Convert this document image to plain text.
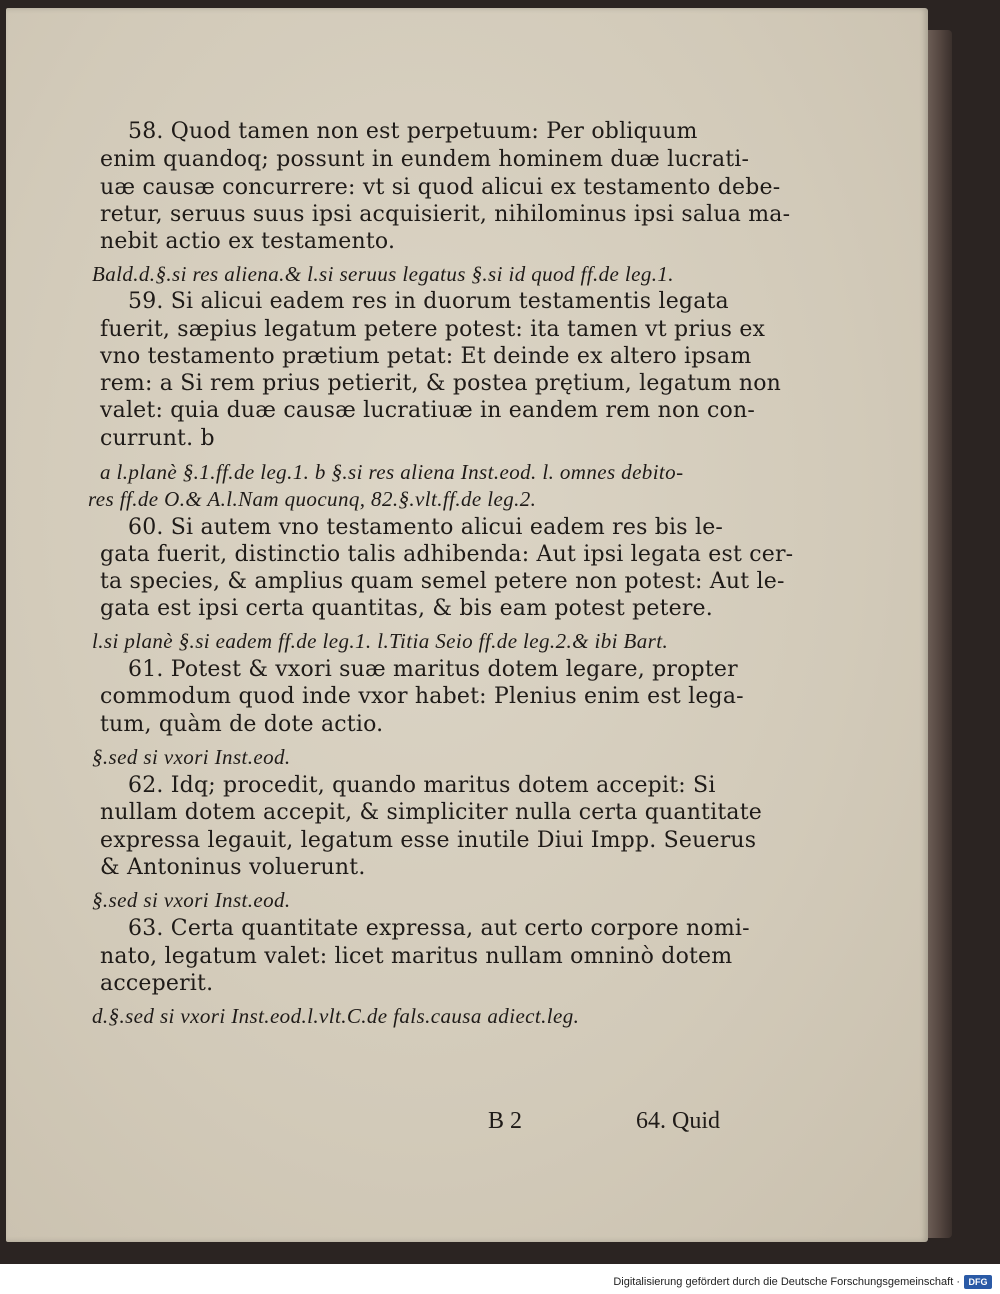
58. Quod tamen non est perpetuum: Per obliquum
enim quandoq; possunt in eundem hominem duæ lucrati-
uæ causæ concurrere: vt si quod alicui ex testamento debe-
retur, seruus suus ipsi acquisierit, nihilominus ipsi salua ma-
nebit actio ex testamento.
Bald.d.§.si res aliena.& l.si seruus legatus §.si id quod ff.de leg.1.
59. Si alicui eadem res in duorum testamentis legata
fuerit, sæpius legatum petere potest: ita tamen vt prius ex
vno testamento prætium petat: Et deinde ex altero ipsam
rem: a Si rem prius petierit, & postea prętium, legatum non
valet: quia duæ causæ lucratiuæ in eandem rem non con-
currunt. b
a l.planè §.1.ff.de leg.1. b §.si res aliena Inst.eod. l. omnes debito-
res ff.de O.& A.l.Nam quocunq, 82.§.vlt.ff.de leg.2.
60. Si autem vno testamento alicui eadem res bis le-
gata fuerit, distinctio talis adhibenda: Aut ipsi legata est cer-
ta species, & amplius quam semel petere non potest: Aut le-
gata est ipsi certa quantitas, & bis eam potest petere.
l.si planè §.si eadem ff.de leg.1. l.Titia Seio ff.de leg.2.& ibi Bart.
61. Potest & vxori suæ maritus dotem legare, propter
commodum quod inde vxor habet: Plenius enim est lega-
tum, quàm de dote actio.
§.sed si vxori Inst.eod.
62. Idq; procedit, quando maritus dotem accepit: Si
nullam dotem accepit, & simpliciter nulla certa quantitate
expressa legauit, legatum esse inutile Diui Impp. Seuerus
& Antoninus voluerunt.
§.sed si vxori Inst.eod.
63. Certa quantitate expressa, aut certo corpore nomi-
nato, legatum valet: licet maritus nullam omninò dotem
acceperit.
d.§.sed si vxori Inst.eod.l.vlt.C.de fals.causa adiect.leg.
B 2	64. Quid
Digitalisierung gefördert durch die Deutsche Forschungsgemeinschaft · DFG
